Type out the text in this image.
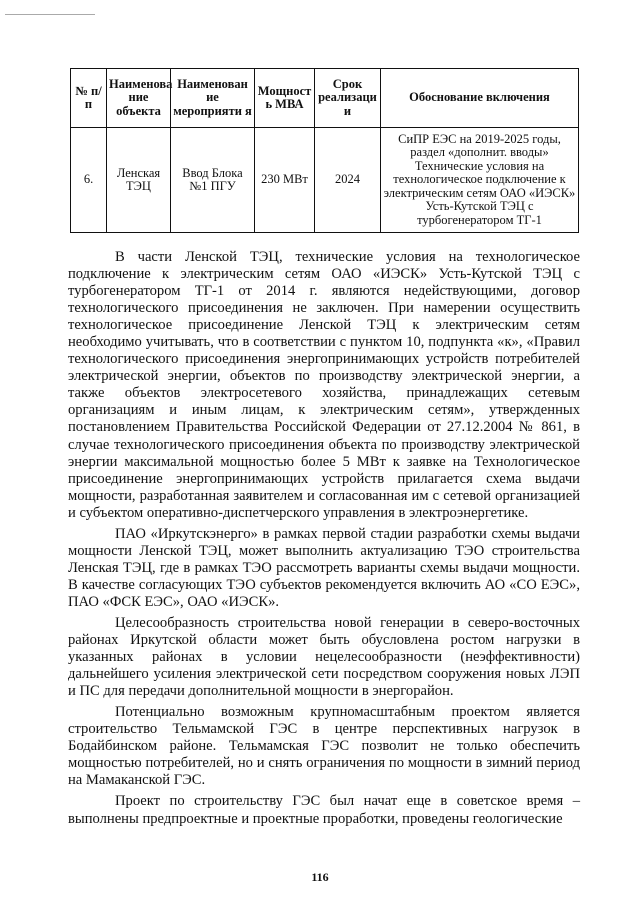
№ п/п	Наименова ние объекта	Наименован ие мероприяти я	Мощност ь МВА	Срок реализаци и	Обоснование включения
6.	Ленская ТЭЦ	Ввод Блока №1 ПГУ	230 МВт	2024	СиПР ЕЭС на 2019-2025 годы, раздел «дополнит. вводы» Технические условия на технологическое подключение к электрическим сетям ОАО «ИЭСК» Усть-Кутской ТЭЦ с турбогенератором ТГ-1

В части Ленской ТЭЦ, технические условия на технологическое подключение к электрическим сетям ОАО «ИЭСК» Усть-Кутской ТЭЦ с турбогенератором ТГ-1 от 2014 г. являются недействующими, договор технологического присоединения не заключен. При намерении осуществить технологическое присоединение Ленской ТЭЦ к электрическим сетям необходимо учитывать, что в соответствии с пунктом 10, подпункта «к», «Правил технологического присоединения энергопринимающих устройств потребителей электрической энергии, объектов по производству электрической энергии, а также объектов электросетевого хозяйства, принадлежащих сетевым организациям и иным лицам, к электрическим сетям», утвержденных постановлением Правительства Российской Федерации от 27.12.2004 № 861, в случае технологического присоединения объекта по производству электрической энергии максимальной мощностью более 5 МВт к заявке на Технологическое присоединение энергопринимающих устройств прилагается схема выдачи мощности, разработанная заявителем и согласованная им с сетевой организацией и субъектом оперативно-диспетчерского управления в электроэнергетике.

ПАО «Иркутскэнерго» в рамках первой стадии разработки схемы выдачи мощности Ленской ТЭЦ, может выполнить актуализацию ТЭО строительства Ленская ТЭЦ, где в рамках ТЭО рассмотреть варианты схемы выдачи мощности. В качестве согласующих ТЭО субъектов рекомендуется включить АО «СО ЕЭС», ПАО «ФСК ЕЭС», ОАО «ИЭСК».

Целесообразность строительства новой генерации в северо-восточных районах Иркутской области может быть обусловлена ростом нагрузки в указанных районах в условии нецелесообразности (неэффективности) дальнейшего усиления электрической сети посредством сооружения новых ЛЭП и ПС для передачи дополнительной мощности в энергорайон.

Потенциально возможным крупномасштабным проектом является строительство Тельмамской ГЭС в центре перспективных нагрузок в Бодайбинском районе. Тельмамская ГЭС позволит не только обеспечить мощностью потребителей, но и снять ограничения по мощности в зимний период на Мамаканской ГЭС.

Проект по строительству ГЭС был начат еще в советское время – выполнены предпроектные и проектные проработки, проведены геологические

116
